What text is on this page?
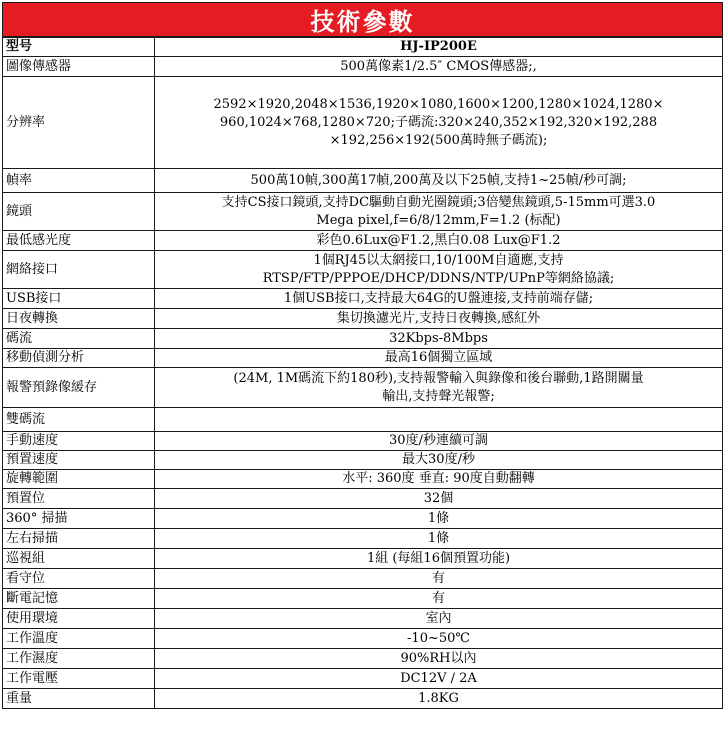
技術參數
型号	HJ-IP200E
圖像傳感器	500萬像素1/2.5″ CMOS傳感器;,
分辨率	2592×1920,2048×1536,1920×1080,1600×1200,1280×1024,1280×
960,1024×768,1280×720;子碼流:320×240,352×192,320×192,288
×192,256×192(500萬時無子碼流);
幀率	500萬10幀,300萬17幀,200萬及以下25幀,支持1~25幀/秒可調;
鏡頭	支持CS接口鏡頭,支持DC驅動自動光圈鏡頭;3倍變焦鏡頭,5-15mm可選3.0
Mega pixel,f=6/8/12mm,F=1.2 (标配)
最低感光度	彩色0.6Lux@F1.2,黑白0.08 Lux@F1.2
網絡接口	1個RJ45以太網接口,10/100M自適應,支持
RTSP/FTP/PPPOE/DHCP/DDNS/NTP/UPnP等網絡協議;
USB接口	1個USB接口,支持最大64G的U盤連接,支持前端存儲;
日夜轉換	集切換濾光片,支持日夜轉換,感紅外
碼流	32Kbps-8Mbps
移動偵測分析	最高16個獨立區域
報警預錄像緩存	(24M, 1M碼流下約180秒),支持報警輸入與錄像和後台聯動,1路開關量
輸出,支持聲光報警;
雙碼流	
手動速度	30度/秒連續可調
預置速度	最大30度/秒
旋轉範圍	水平: 360度 垂直: 90度自動翻轉
預置位	32個
360° 掃描	1條
左右掃描	1條
巡視組	1組 (每組16個預置功能)
看守位	有
斷電記憶	有
使用環境	室內
工作溫度	-10~50℃
工作濕度	90%RH以內
工作電壓	DC12V / 2A
重量	1.8KG
